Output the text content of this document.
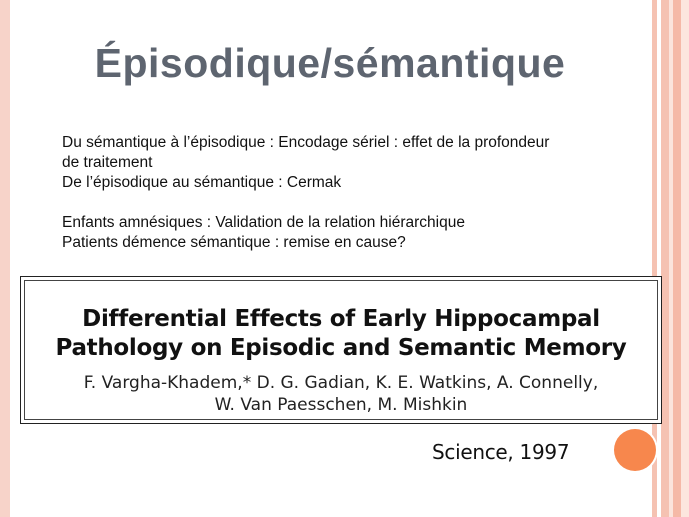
Épisodique/sémantique
Du sémantique à l’épisodique : Encodage sériel : effet de la profondeur
de traitement
De l’épisodique au sémantique : Cermak
Enfants amnésiques : Validation de la relation hiérarchique
Patients démence sémantique : remise en cause?
Differential Effects of Early Hippocampal
Pathology on Episodic and Semantic Memory
F. Vargha-Khadem,* D. G. Gadian, K. E. Watkins, A. Connelly,
W. Van Paesschen, M. Mishkin
Science, 1997
